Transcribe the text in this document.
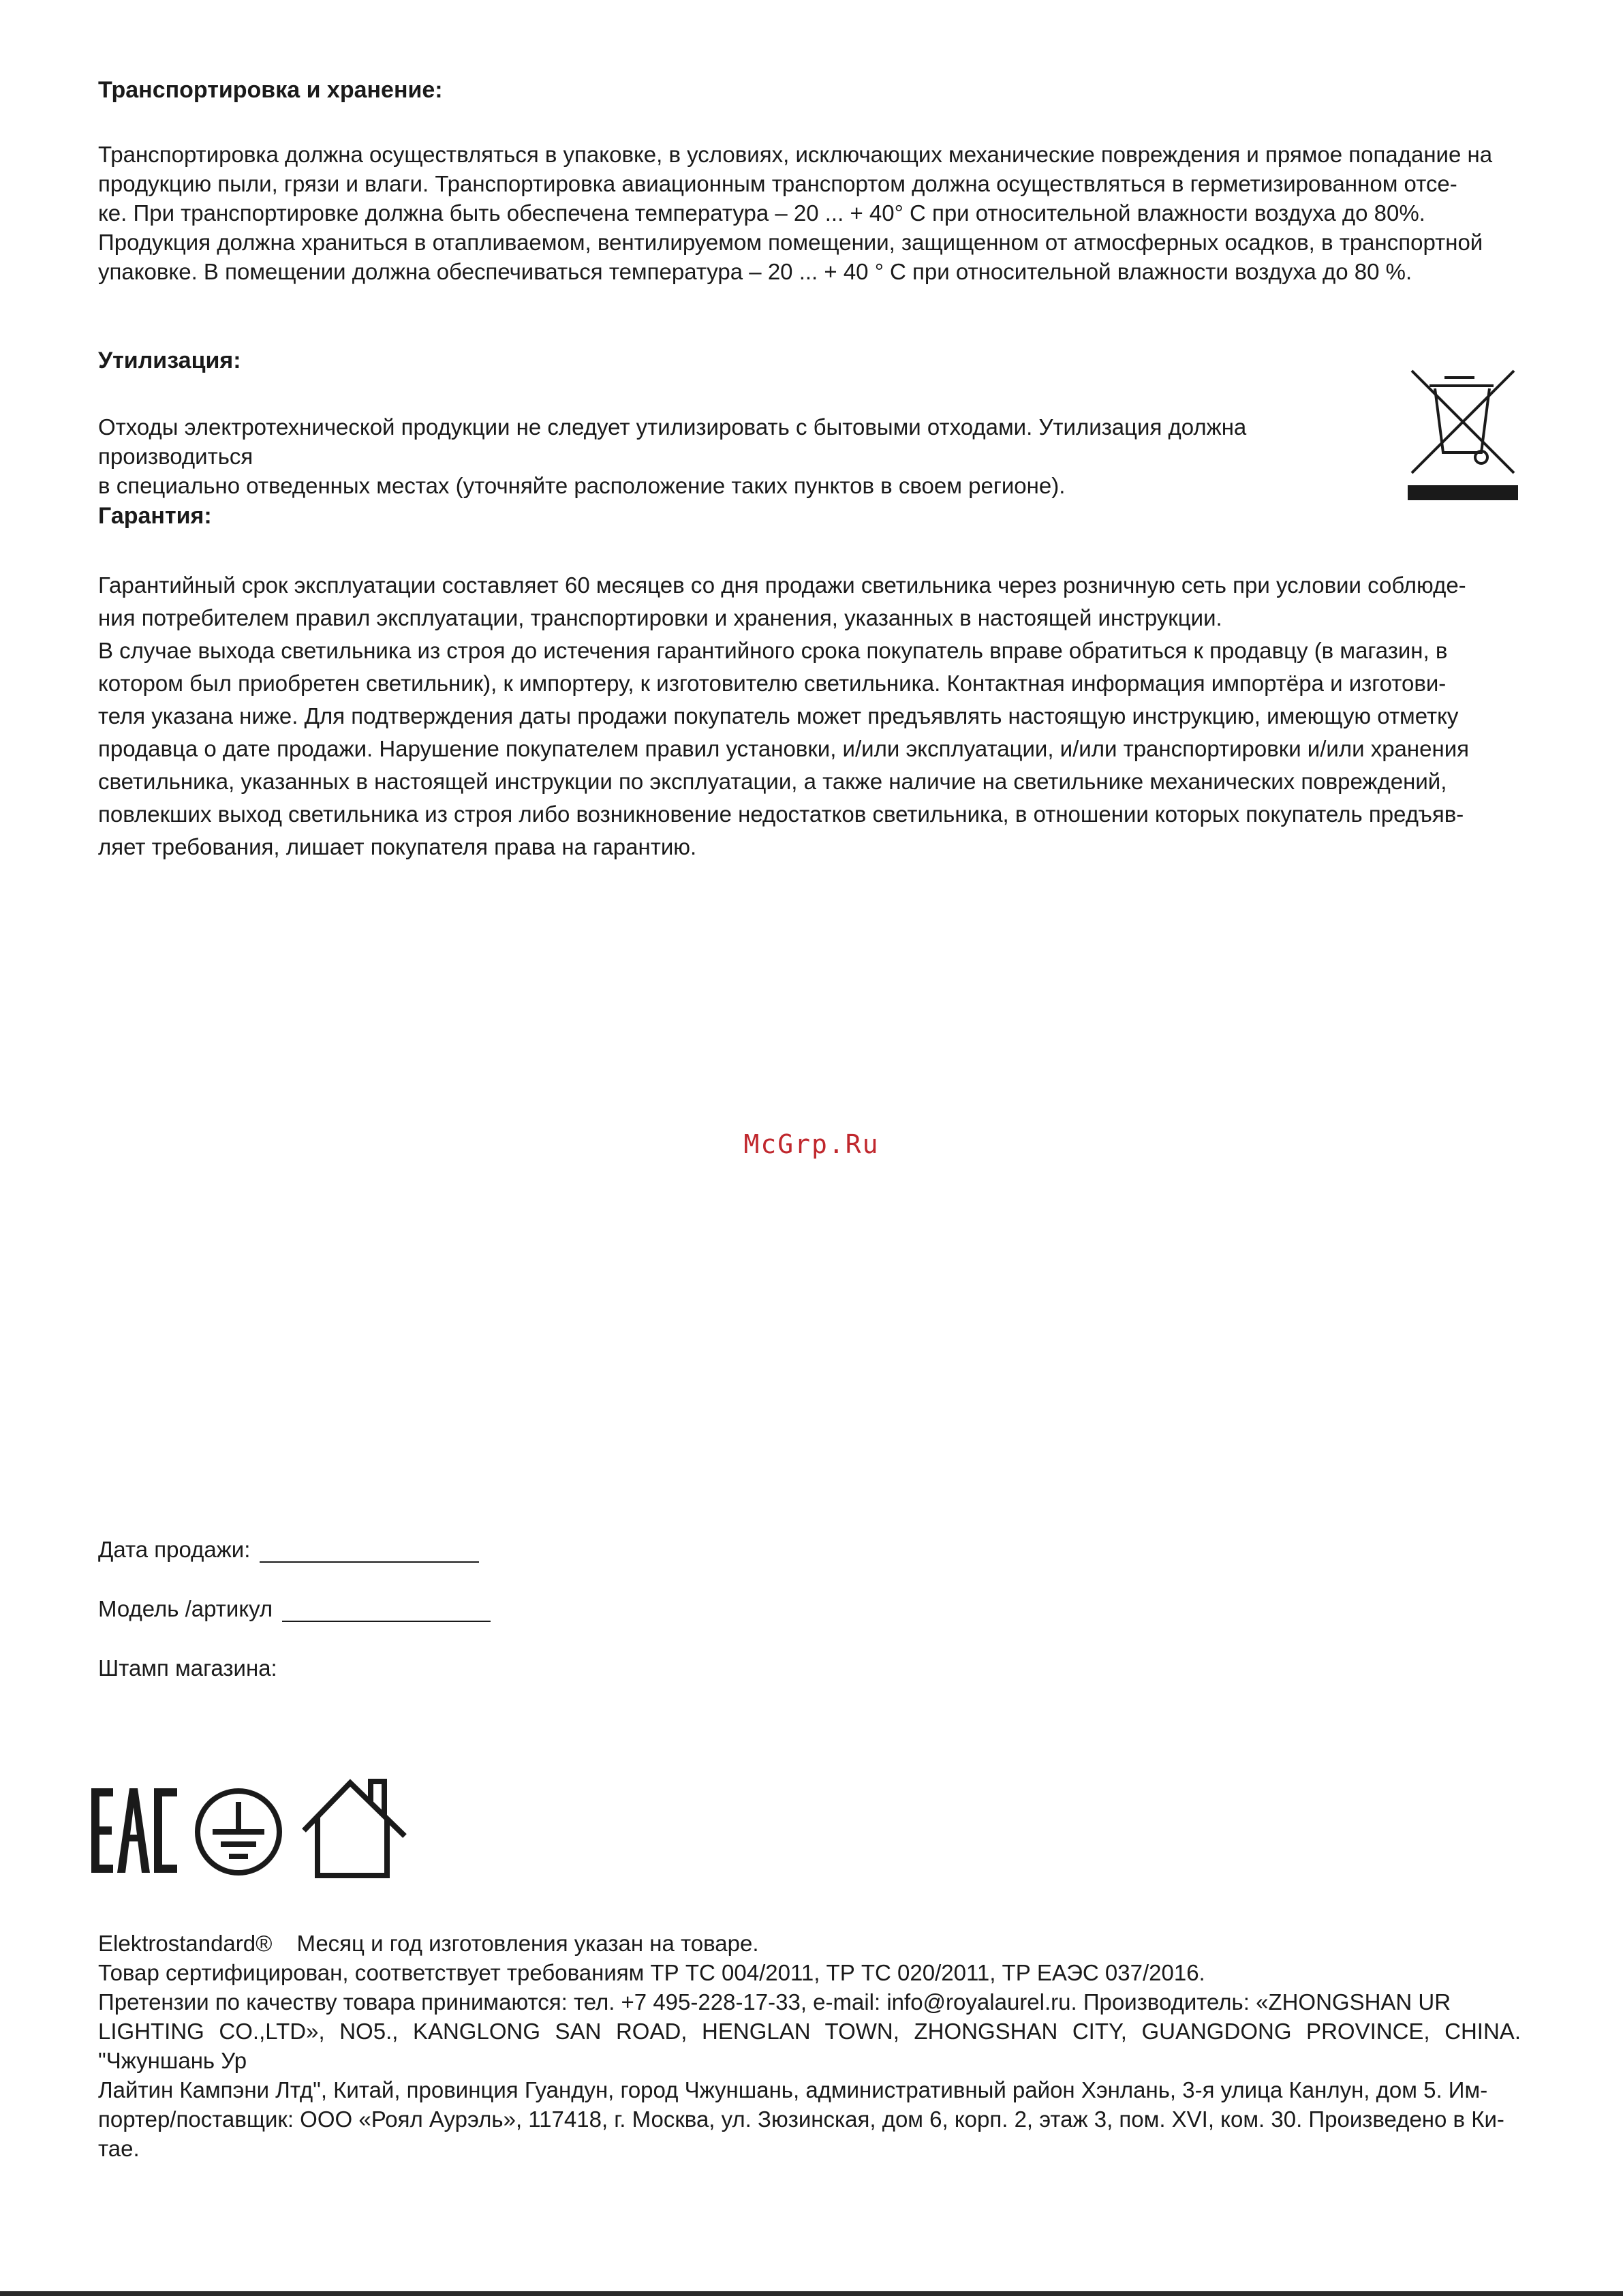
Транспортировка и хранение:

Транспортировка должна осуществляться в упаковке, в условиях, исключающих механические повреждения и прямое попадание на
продукцию пыли, грязи и влаги. Транспортировка авиационным транспортом должна осуществляться в герметизированном отсе-
ке. При транспортировке должна быть обеспечена температура – 20 ... + 40° С при относительной влажности воздуха до 80%.
Продукция должна храниться в отапливаемом, вентилируемом помещении, защищенном от атмосферных осадков, в транспортной
упаковке. В помещении должна обеспечиваться температура – 20 ... + 40 ° С при относительной влажности воздуха до 80 %.

Утилизация:

Отходы электротехнической продукции не следует утилизировать с бытовыми отходами. Утилизация должна производиться
в специально отведенных местах (уточняйте расположение таких пунктов в своем регионе).

Гарантия:

Гарантийный срок эксплуатации составляет 60 месяцев со дня продажи светильника через розничную сеть при условии соблюде-
ния потребителем правил эксплуатации, транспортировки и хранения, указанных в настоящей инструкции.
В случае выхода светильника из строя до истечения гарантийного срока покупатель вправе обратиться к продавцу (в магазин, в
котором был приобретен светильник), к импортеру, к изготовителю светильника. Контактная информация импортёра и изготови-
теля указана ниже. Для подтверждения даты продажи покупатель может предъявлять настоящую инструкцию, имеющую отметку
продавца о дате продажи. Нарушение покупателем правил установки, и/или эксплуатации, и/или транспортировки и/или хранения
светильника, указанных в настоящей инструкции по эксплуатации, а также наличие на светильнике механических повреждений,
повлекших выход светильника из строя либо возникновение недостатков светильника, в отношении которых покупатель предъяв-
ляет требования, лишает покупателя права на гарантию.

McGrp.Ru
Дата продажи:
Модель /артикул
Штамп магазина:

Elektrostandard® Месяц и год изготовления указан на товаре.
Товар сертифицирован, соответствует требованиям ТР ТС 004/2011, ТР ТС 020/2011, ТР ЕАЭС 037/2016.
Претензии по качеству товара принимаются: тел. +7 495-228-17-33, e-mail: info@royalaurel.ru. Производитель: «ZHONGSHAN UR
LIGHTING CO.,LTD», NO5., KANGLONG SAN ROAD, HENGLAN TOWN, ZHONGSHAN CITY, GUANGDONG PROVINCE, CHINA. "Чжуншань Ур
Лайтин Кампэни Лтд", Китай, провинция Гуандун, город Чжуншань, административный район Хэнлань, 3-я улица Канлун, дом 5. Им-
портер/поставщик: ООО «Роял Аурэль», 117418, г. Москва, ул. Зюзинская, дом 6, корп. 2, этаж 3, пом. XVI, ком. 30. Произведено в Ки-
тае.
